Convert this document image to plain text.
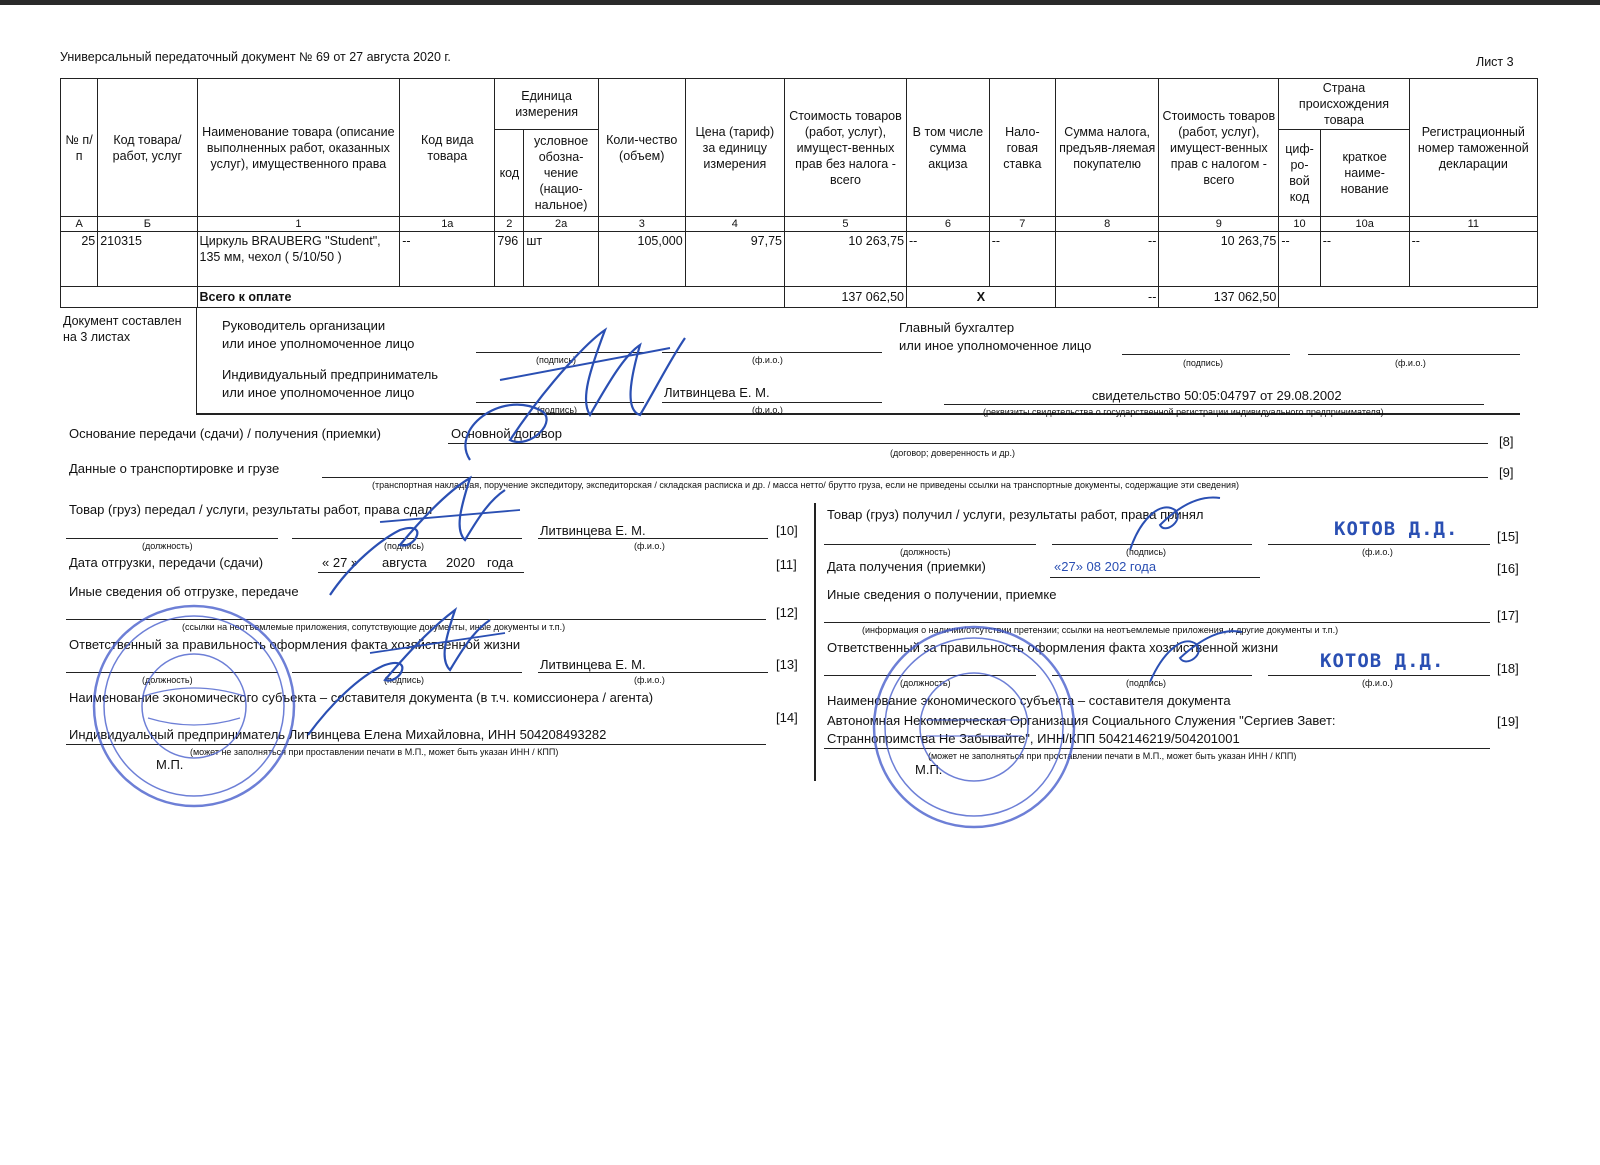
Универсальный передаточный документ № 69 от 27 августа 2020 г.	Лист 3
№ п/п	Код товара/ работ, услуг	Наименование товара (описание выполненных работ, оказанных услуг), имущественного права	Код вида товара	Единица измерения		Коли-чество (объем)	Цена (тариф) за единицу измерения	Стоимость товаров (работ, услуг), имущест-венных прав без налога - всего	В том числе сумма акциза	Нало-говая ставка	Сумма налога, предъяв-ляемая покупателю	Стоимость товаров (работ, услуг), имущест-венных прав с налогом - всего	Страна происхождения товара		Регистрационный номер таможенной декларации
				код	условное обозна-чение (нацио-нальное)								циф-ро-вой код	краткое наиме-нование	
А	Б	1	1а	2	2а	3	4	5	6	7	8	9	10	10а	11
25	210315	Циркуль BRAUBERG "Student", 135 мм, чехол ( 5/10/50 )	--	796	шт	105,000	97,75	10 263,75	--	--	--	10 263,75	--	--	--
		Всего к оплате						137 062,50	X		--	137 062,50			
Документ составлен на 3 листах
Руководитель организации
или иное уполномоченное лицо
(подпись)	(ф.и.о.)
Главный бухгалтер
или иное уполномоченное лицо
(подпись)	(ф.и.о.)
Индивидуальный предприниматель
или иное уполномоченное лицо	Литвинцева Е. М.
(подпись)	(ф.и.о.)
свидетельство 50:05:04797 от 29.08.2002
(реквизиты свидетельства о государственной регистрации индивидуального предпринимателя)
Основание передачи (сдачи) / получения (приемки)	Основной договор
(договор; доверенность и др.)
[8]
Данные о транспортировке и грузе
(транспортная накладная, поручение экспедитору, экспедиторская / складская расписка и др. / масса нетто/ брутто груза, если не приведены ссылки на транспортные документы, содержащие эти сведения)
[9]
Товар (груз) передал / услуги, результаты работ, права сдал
Литвинцева Е. М.	[10]
(должность)	(подпись)	(ф.и.о.)
Дата отгрузки, передачи (сдачи)	« 27 » августа 2020 года	[11]
Иные сведения об отгрузке, передаче
(ссылки на неотъемлемые приложения, сопутствующие документы, иные документы и т.п.)
[12]
Ответственный за правильность оформления факта хозяйственной жизни
Литвинцева Е. М.	[13]
(должность)	(подпись)	(ф.и.о.)
Наименование экономического субъекта – составителя документа (в т.ч. комиссионера / агента)
[14]
Индивидуальный предприниматель Литвинцева Елена Михайловна, ИНН 504208493282
(может не заполняться при проставлении печати в М.П., может быть указан ИНН / КПП)
М.П.
Товар (груз) получил / услуги, результаты работ, права принял
КОТОВ Д.Д.	[15]
(должность)	(подпись)	(ф.и.о.)
Дата получения (приемки)	«27» 08 202 года	[16]
Иные сведения о получении, приемке
(информация о наличии/отсутствии претензии; ссылки на неотъемлемые приложения, и другие документы и т.п.)
[17]
Ответственный за правильность оформления факта хозяйственной жизни
КОТОВ Д.Д.	[18]
(должность)	(подпись)	(ф.и.о.)
Наименование экономического субъекта – составителя документа
Автономная Некоммерческая Организация Социального Служения "Сергиев Завет:
Страннопримства Не Забывайте", ИНН/КПП 5042146219/504201001
[19]
(может не заполняться при проставлении печати в М.П., может быть указан ИНН / КПП)
М.П.
